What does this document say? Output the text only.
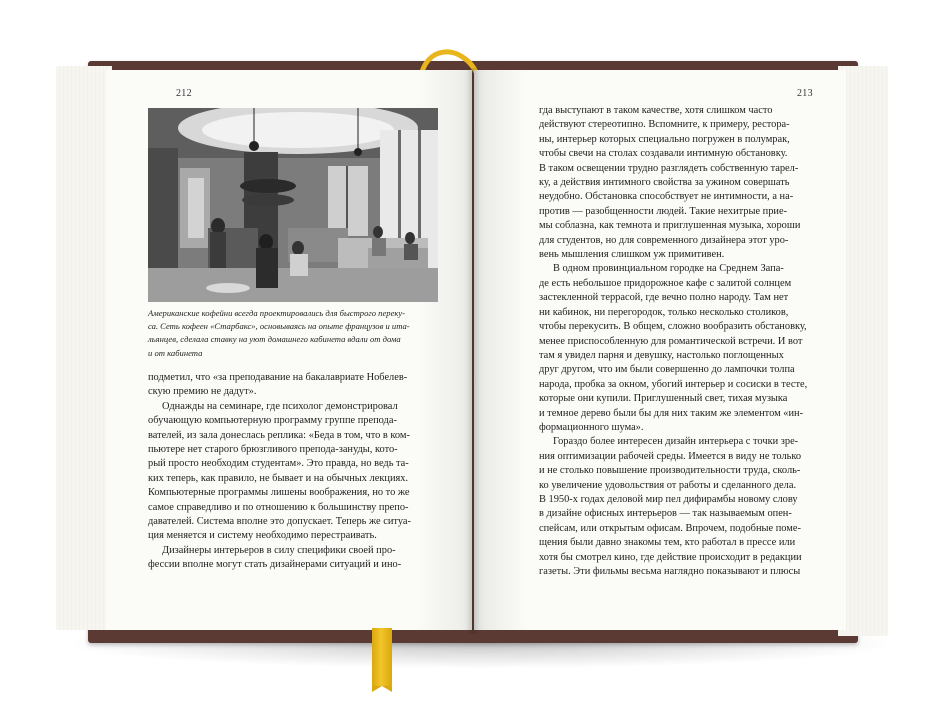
212	213
Американские кофейни всегда проектировались для быстрого переку-
са. Сеть кофеен «Старбакс», основываясь на опыте французов и ита-
льянцев, сделала ставку на уют домашнего кабинета вдали от дома
и от кабинета
подметил, что «за преподавание на бакалавриате Нобелев-
скую премию не дадут».
Однажды на семинаре, где психолог демонстрировал
обучающую компьютерную программу группе препода-
вателей, из зала донеслась реплика: «Беда в том, что в ком-
пьютере нет старого брюзгливого препода-зануды, кото-
рый просто необходим студентам». Это правда, но ведь тa-
ких теперь, как правило, не бывает и на обычных лекциях.
Компьютерные программы лишены воображения, но то же
самое справедливо и по отношению к большинству препо-
давателей. Система вполне это допускает. Теперь же ситуа-
ция меняется и систему необходимо перестраивать.
Дизайнеры интерьеров в силу специфики своей про-
фессии вполне могут стать дизайнерами ситуаций и ино-
гда выступают в таком качестве, хотя слишком часто
действуют стереотипно. Вспомните, к примеру, ресторa-
ны, интерьер которых специально погружен в полумрак,
чтобы свечи на столах создавали интимную обстановку.
В таком освещении трудно разглядеть собственную тарел-
ку, а действия интимного свойства за ужином совершать
неудобно. Обстановка способствует не интимности, а на-
против — разобщенности людей. Такие нехитрые прие-
мы соблазна, как темнота и приглушенная музыка, хороши
для студентов, но для современного дизайнера этот уро-
вень мышления слишком уж примитивен.
В одном провинциальном городке на Среднем Запа-
де есть небольшое придорожное кафе с залитой солнцем
застекленной террасой, где вечно полно народу. Там нет
ни кабинок, ни перегородок, только несколько столиков,
чтобы перекусить. В общем, сложно вообразить обстановку,
менее приспособленную для романтической встречи. И вот
там я увидел парня и девушку, настолько поглощенных
друг другом, что им были совершенно до лампочки толпа
народа, пробка за окном, убогий интерьер и сосиски в тесте,
которые они купили. Приглушенный свет, тихая музыка
и темное дерево были бы для них таким же элементом «ин-
формационного шума».
Гораздо более интересен дизайн интерьера с точки зре-
ния оптимизации рабочей среды. Имеется в виду не только
и не столько повышение производительности труда, сколь-
ко увеличение удовольствия от работы и сделанного дела.
В 1950-х годах деловой мир пел дифирамбы новому слову
в дизайне офисных интерьеров — так называемым опен-
спейсам, или открытым офисам. Впрочем, подобные поме-
щения были давно знакомы тем, кто работал в прессе или
хотя бы смотрел кино, где действие происходит в редакции
газеты. Эти фильмы весьма наглядно показывают и плюсы
